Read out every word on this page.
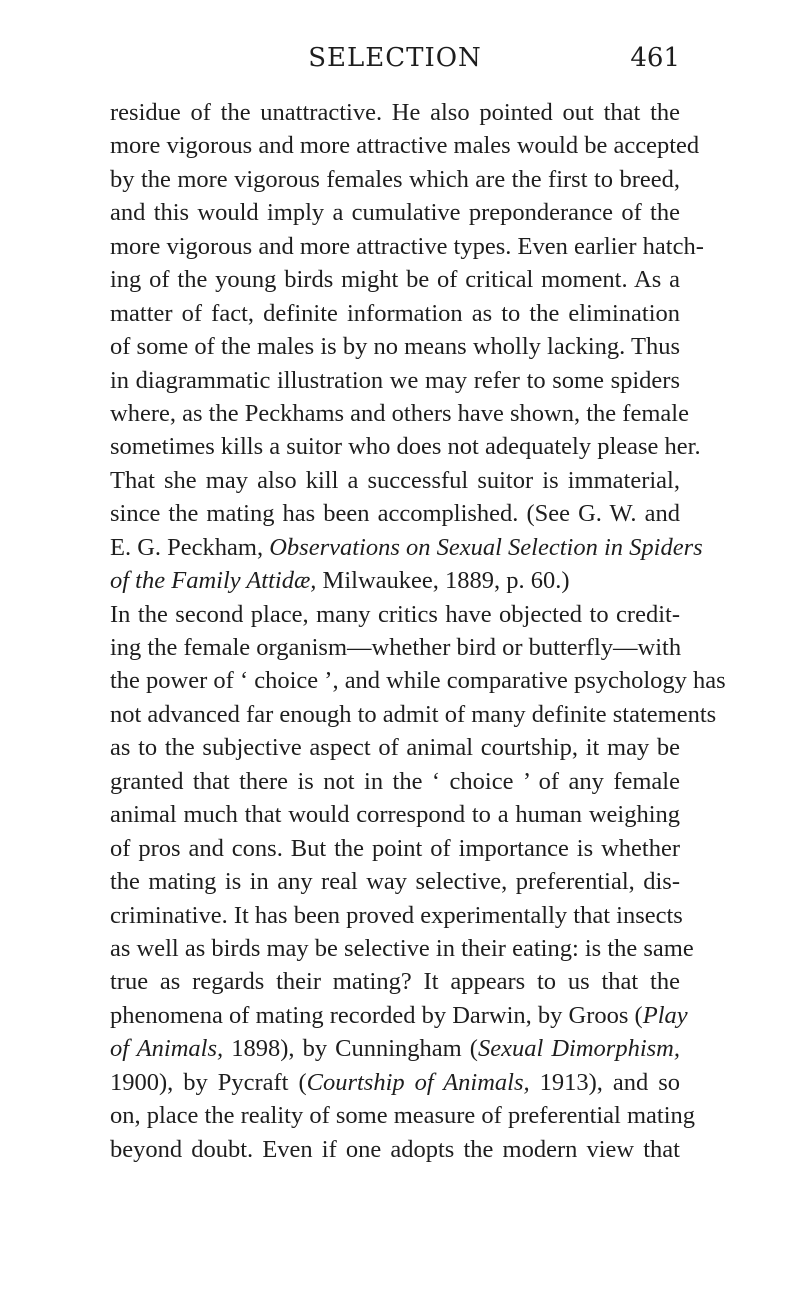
SELECTION	461
residue of the unattractive. He also pointed out that the
more vigorous and more attractive males would be accepted
by the more vigorous females which are the first to breed,
and this would imply a cumulative preponderance of the
more vigorous and more attractive types. Even earlier hatch-
ing of the young birds might be of critical moment. As a
matter of fact, definite information as to the elimination
of some of the males is by no means wholly lacking. Thus
in diagrammatic illustration we may refer to some spiders
where, as the Peckhams and others have shown, the female
sometimes kills a suitor who does not adequately please her.
That she may also kill a successful suitor is immaterial,
since the mating has been accomplished. (See G. W. and
E. G. Peckham, Observations on Sexual Selection in Spiders
of the Family Attidæ, Milwaukee, 1889, p. 60.)
In the second place, many critics have objected to credit-
ing the female organism—whether bird or butterfly—with
the power of ‘ choice ’, and while comparative psychology has
not advanced far enough to admit of many definite statements
as to the subjective aspect of animal courtship, it may be
granted that there is not in the ‘ choice ’ of any female
animal much that would correspond to a human weighing
of pros and cons. But the point of importance is whether
the mating is in any real way selective, preferential, dis-
criminative. It has been proved experimentally that insects
as well as birds may be selective in their eating: is the same
true as regards their mating? It appears to us that the
phenomena of mating recorded by Darwin, by Groos (Play
of Animals, 1898), by Cunningham (Sexual Dimorphism,
1900), by Pycraft (Courtship of Animals, 1913), and so
on, place the reality of some measure of preferential mating
beyond doubt. Even if one adopts the modern view that
